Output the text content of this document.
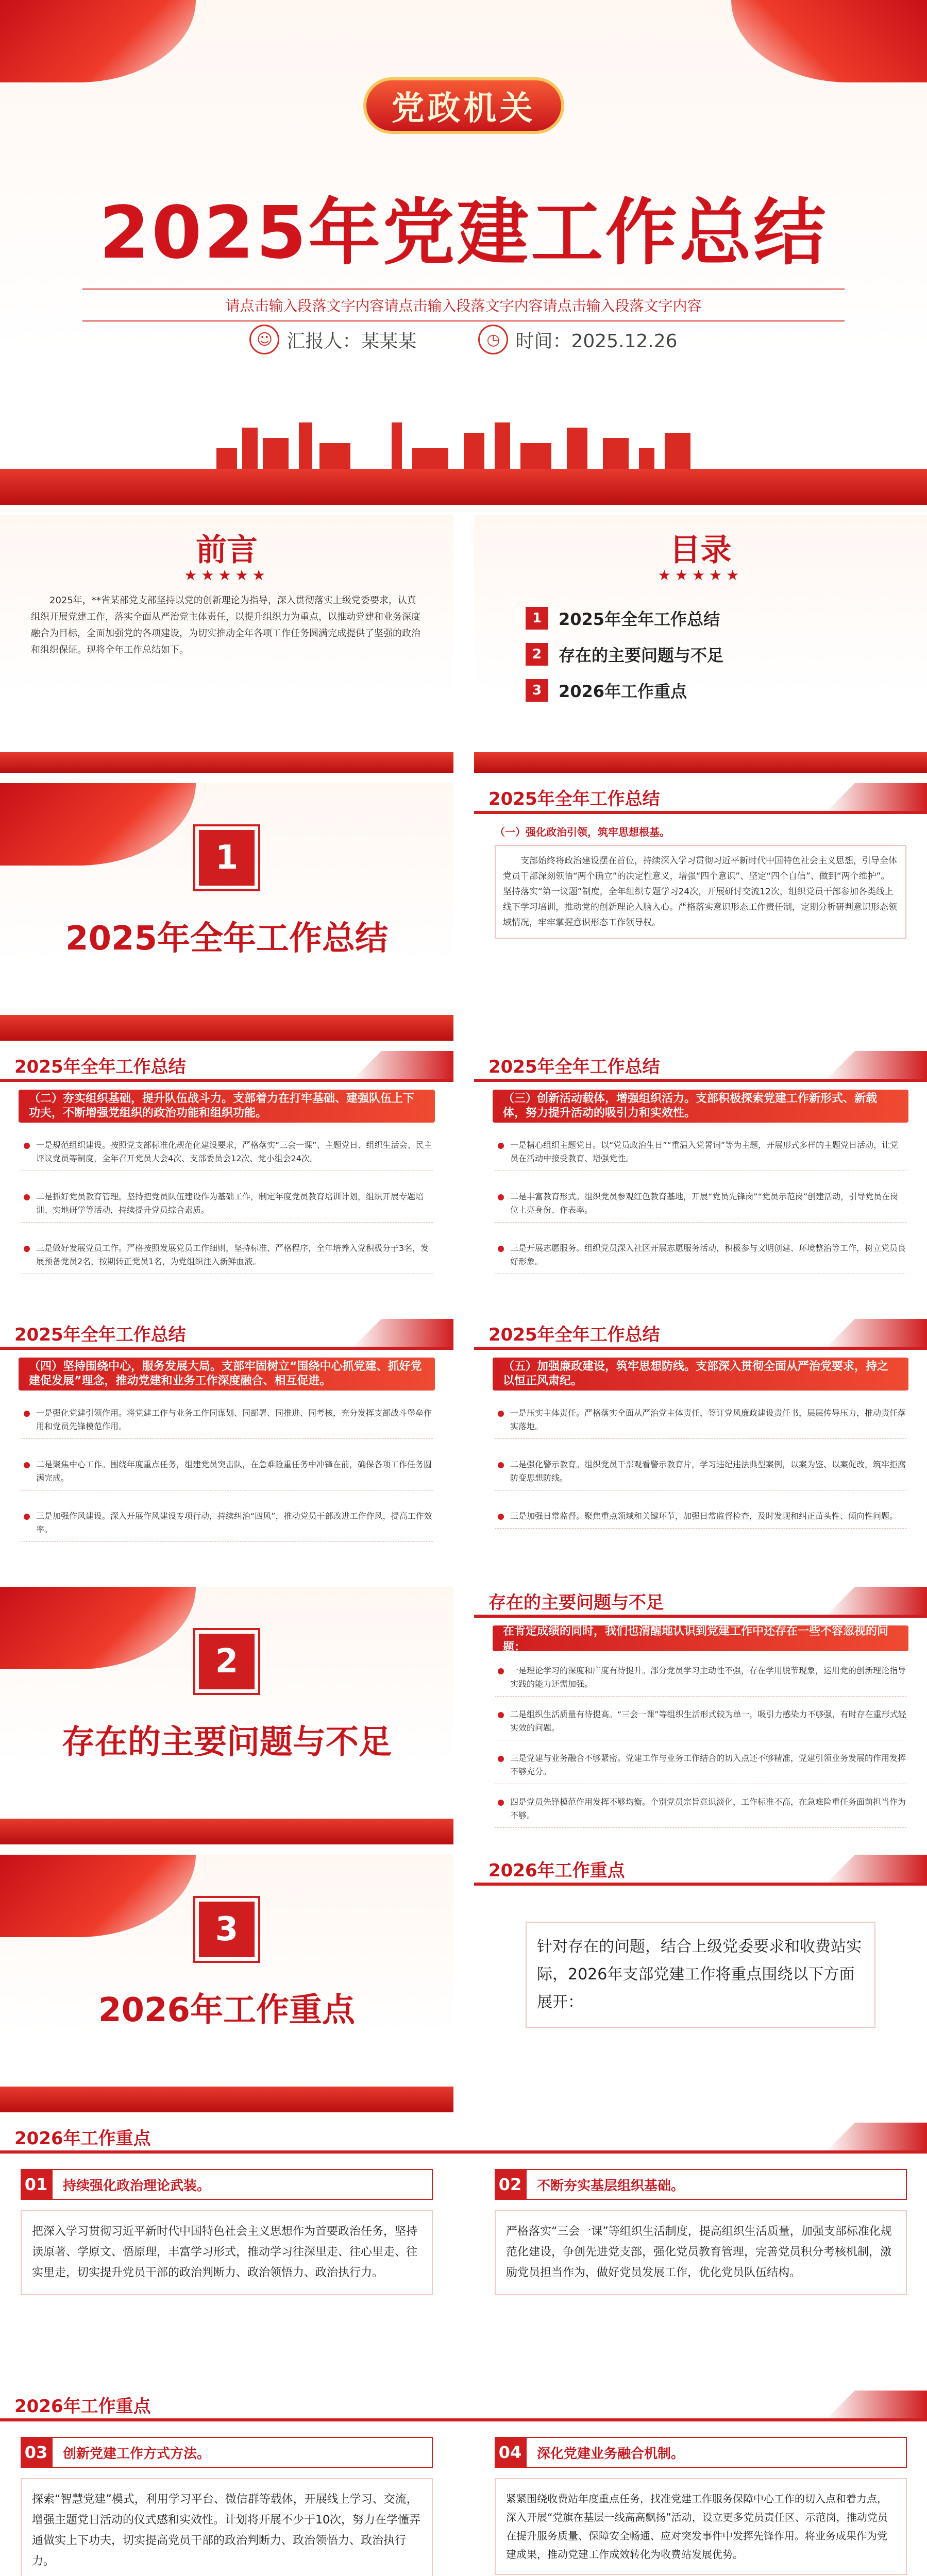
党政机关
2025年党建工作总结
请点击输入段落文字内容请点击输入段落文字内容请点击输入段落文字内容
☺ 汇报人：某某某	◷ 时间：2025.12.26
前言
★★★★★
2025年，**省某部党支部坚持以党的创新理论为指导，深入贯彻落实上级党委要求，认真组织开展党建工作，落实全面从严治党主体责任，以提升组织力为重点，以推动党建和业务深度融合为目标，全面加强党的各项建设，为切实推动全年各项工作任务圆满完成提供了坚强的政治和组织保证。现将全年工作总结如下。
目录
★★★★★
1	2025年全年工作总结
2	存在的主要问题与不足
3	2026年工作重点
1
2025年全年工作总结
2025年全年工作总结
（一）强化政治引领，筑牢思想根基。
支部始终将政治建设摆在首位，持续深入学习贯彻习近平新时代中国特色社会主义思想，引导全体党员干部深刻领悟“两个确立”的决定性意义，增强“四个意识”、坚定“四个自信”、做到“两个维护”。坚持落实“第一议题”制度，全年组织专题学习24次，开展研讨交流12次，组织党员干部参加各类线上线下学习培训，推动党的创新理论入脑入心。严格落实意识形态工作责任制，定期分析研判意识形态领域情况，牢牢掌握意识形态工作领导权。
2025年全年工作总结
（二）夯实组织基础，提升队伍战斗力。支部着力在打牢基础、建强队伍上下功夫，不断增强党组织的政治功能和组织功能。
一是规范组织建设。按照党支部标准化规范化建设要求，严格落实“三会一课”、主题党日、组织生活会、民主评议党员等制度，全年召开党员大会4次、支部委员会12次、党小组会24次。
二是抓好党员教育管理。坚持把党员队伍建设作为基础工作，制定年度党员教育培训计划，组织开展专题培训、实地研学等活动，持续提升党员综合素质。
三是做好发展党员工作。严格按照发展党员工作细则，坚持标准、严格程序，全年培养入党积极分子3名，发展预备党员2名，按期转正党员1名，为党组织注入新鲜血液。
2025年全年工作总结
（三）创新活动载体，增强组织活力。支部积极探索党建工作新形式、新载体，努力提升活动的吸引力和实效性。
一是精心组织主题党日。以“党员政治生日”“重温入党誓词”等为主题，开展形式多样的主题党日活动，让党员在活动中接受教育、增强党性。
二是丰富教育形式。组织党员参观红色教育基地，开展“党员先锋岗”“党员示范岗”创建活动，引导党员在岗位上亮身份、作表率。
三是开展志愿服务。组织党员深入社区开展志愿服务活动，积极参与文明创建、环境整治等工作，树立党员良好形象。
2025年全年工作总结
（四）坚持围绕中心，服务发展大局。支部牢固树立“围绕中心抓党建、抓好党建促发展”理念，推动党建和业务工作深度融合、相互促进。
一是强化党建引领作用。将党建工作与业务工作同谋划、同部署、同推进、同考核，充分发挥支部战斗堡垒作用和党员先锋模范作用。
二是聚焦中心工作。围绕年度重点任务，组建党员突击队，在急难险重任务中冲锋在前，确保各项工作任务圆满完成。
三是加强作风建设。深入开展作风建设专项行动，持续纠治“四风”，推动党员干部改进工作作风，提高工作效率。
2025年全年工作总结
（五）加强廉政建设，筑牢思想防线。支部深入贯彻全面从严治党要求，持之以恒正风肃纪。
一是压实主体责任。严格落实全面从严治党主体责任，签订党风廉政建设责任书，层层传导压力，推动责任落实落地。
二是强化警示教育。组织党员干部观看警示教育片，学习违纪违法典型案例，以案为鉴、以案促改，筑牢拒腐防变思想防线。
三是加强日常监督。聚焦重点领域和关键环节，加强日常监督检查，及时发现和纠正苗头性、倾向性问题。
2
存在的主要问题与不足
存在的主要问题与不足
在肯定成绩的同时，我们也清醒地认识到党建工作中还存在一些不容忽视的问题：
一是理论学习的深度和广度有待提升。部分党员学习主动性不强，存在学用脱节现象，运用党的创新理论指导实践的能力还需加强。
二是组织生活质量有待提高。“三会一课”等组织生活形式较为单一，吸引力感染力不够强，有时存在重形式轻实效的问题。
三是党建与业务融合不够紧密。党建工作与业务工作结合的切入点还不够精准，党建引领业务发展的作用发挥不够充分。
四是党员先锋模范作用发挥不够均衡。个别党员宗旨意识淡化，工作标准不高，在急难险重任务面前担当作为不够。
3
2026年工作重点
2026年工作重点
针对存在的问题，结合上级党委要求和收费站实际，2026年支部党建工作将重点围绕以下方面展开：
2026年工作重点
01	持续强化政治理论武装。
把深入学习贯彻习近平新时代中国特色社会主义思想作为首要政治任务，坚持读原著、学原文、悟原理，丰富学习形式，推动学习往深里走、往心里走、往实里走，切实提升党员干部的政治判断力、政治领悟力、政治执行力。
02	不断夯实基层组织基础。
严格落实“三会一课”等组织生活制度，提高组织生活质量，加强支部标准化规范化建设，争创先进党支部，强化党员教育管理，完善党员积分考核机制，激励党员担当作为，做好党员发展工作，优化党员队伍结构。
2026年工作重点
03	创新党建工作方式方法。
探索“智慧党建”模式，利用学习平台、微信群等载体，开展线上学习、交流，增强主题党日活动的仪式感和实效性。计划将开展不少于10次，努力在学懂弄通做实上下功夫，切实提高党员干部的政治判断力、政治领悟力、政治执行力。
04	深化党建业务融合机制。
紧紧围绕收费站年度重点任务，找准党建工作服务保障中心工作的切入点和着力点，深入开展“党旗在基层一线高高飘扬”活动，设立更多党员责任区、示范岗，推动党员在提升服务质量、保障安全畅通、应对突发事件中发挥先锋作用。将业务成果作为党建成果，推动党建工作成效转化为收费站发展优势。
